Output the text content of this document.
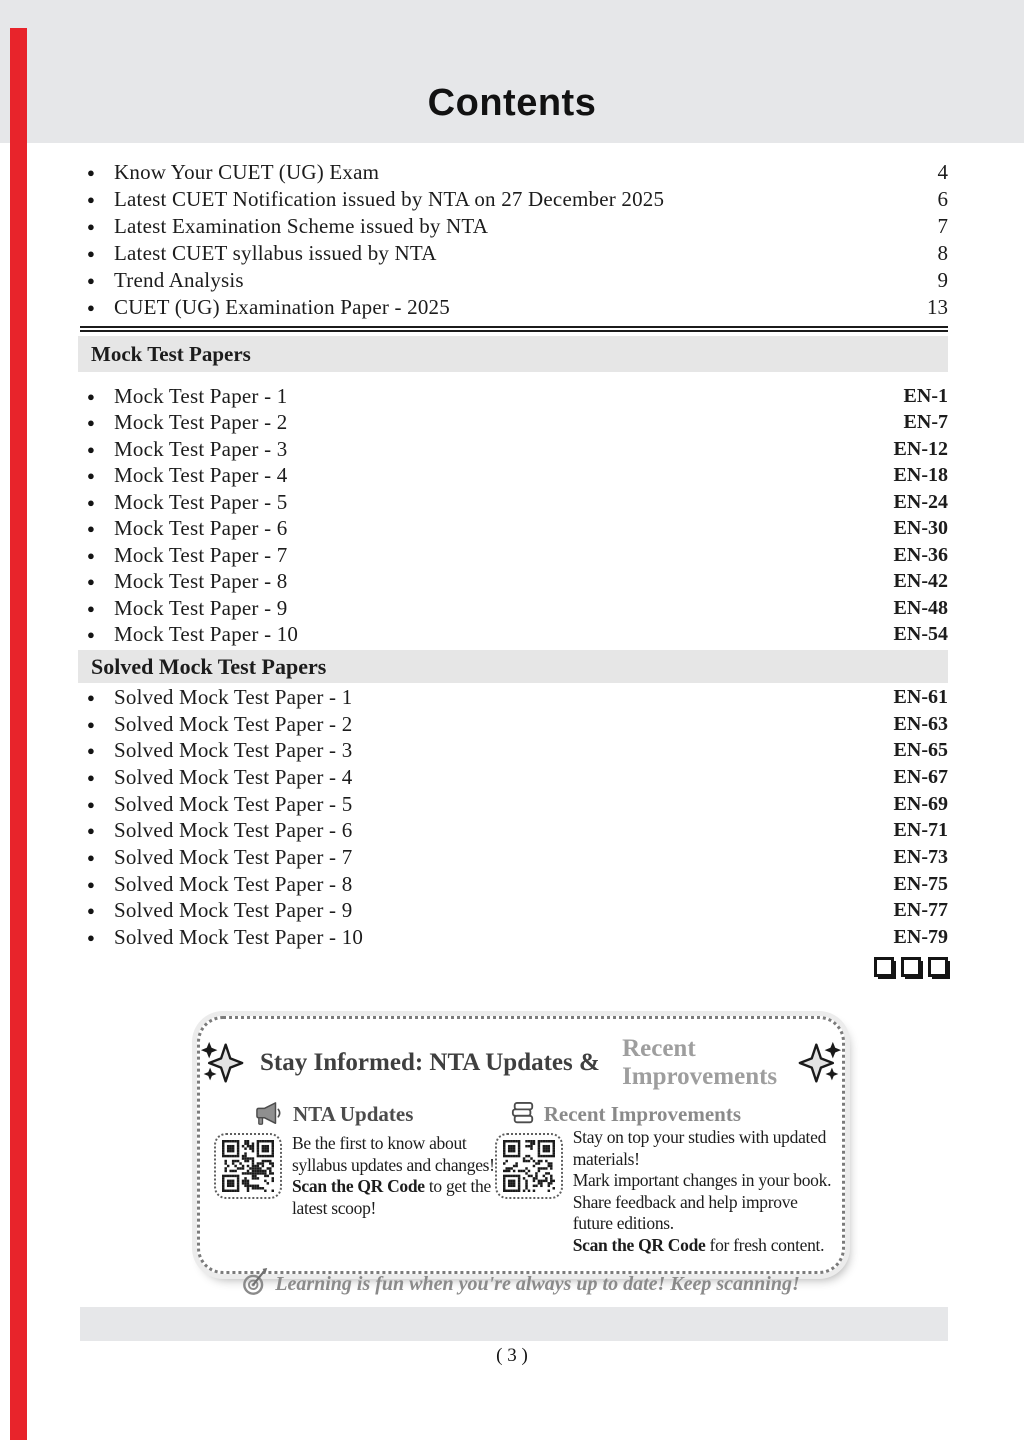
Contents
● Know Your CUET (UG) Exam	4
● Latest CUET Notification issued by NTA on 27 December 2025	6
● Latest Examination Scheme issued by NTA	7
● Latest CUET syllabus issued by NTA	8
● Trend Analysis	9
● CUET (UG) Examination Paper - 2025	13
Mock Test Papers
● Mock Test Paper - 1	EN-1
● Mock Test Paper - 2	EN-7
● Mock Test Paper - 3	EN-12
● Mock Test Paper - 4	EN-18
● Mock Test Paper - 5	EN-24
● Mock Test Paper - 6	EN-30
● Mock Test Paper - 7	EN-36
● Mock Test Paper - 8	EN-42
● Mock Test Paper - 9	EN-48
● Mock Test Paper - 10	EN-54
Solved Mock Test Papers
● Solved Mock Test Paper - 1	EN-61
● Solved Mock Test Paper - 2	EN-63
● Solved Mock Test Paper - 3	EN-65
● Solved Mock Test Paper - 4	EN-67
● Solved Mock Test Paper - 5	EN-69
● Solved Mock Test Paper - 6	EN-71
● Solved Mock Test Paper - 7	EN-73
● Solved Mock Test Paper - 8	EN-75
● Solved Mock Test Paper - 9	EN-77
● Solved Mock Test Paper - 10	EN-79
Stay Informed: NTA Updates &
Recent Improvements
NTA Updates
Be the first to know about
syllabus updates and changes!
Scan the QR Code to get the
latest scoop!
Recent Improvements
Stay on top your studies with updated
materials!
Mark important changes in your book.
Share feedback and help improve
future editions.
Scan the QR Code for fresh content.
Learning is fun when you're always up to date! Keep scanning!
( 3 )
